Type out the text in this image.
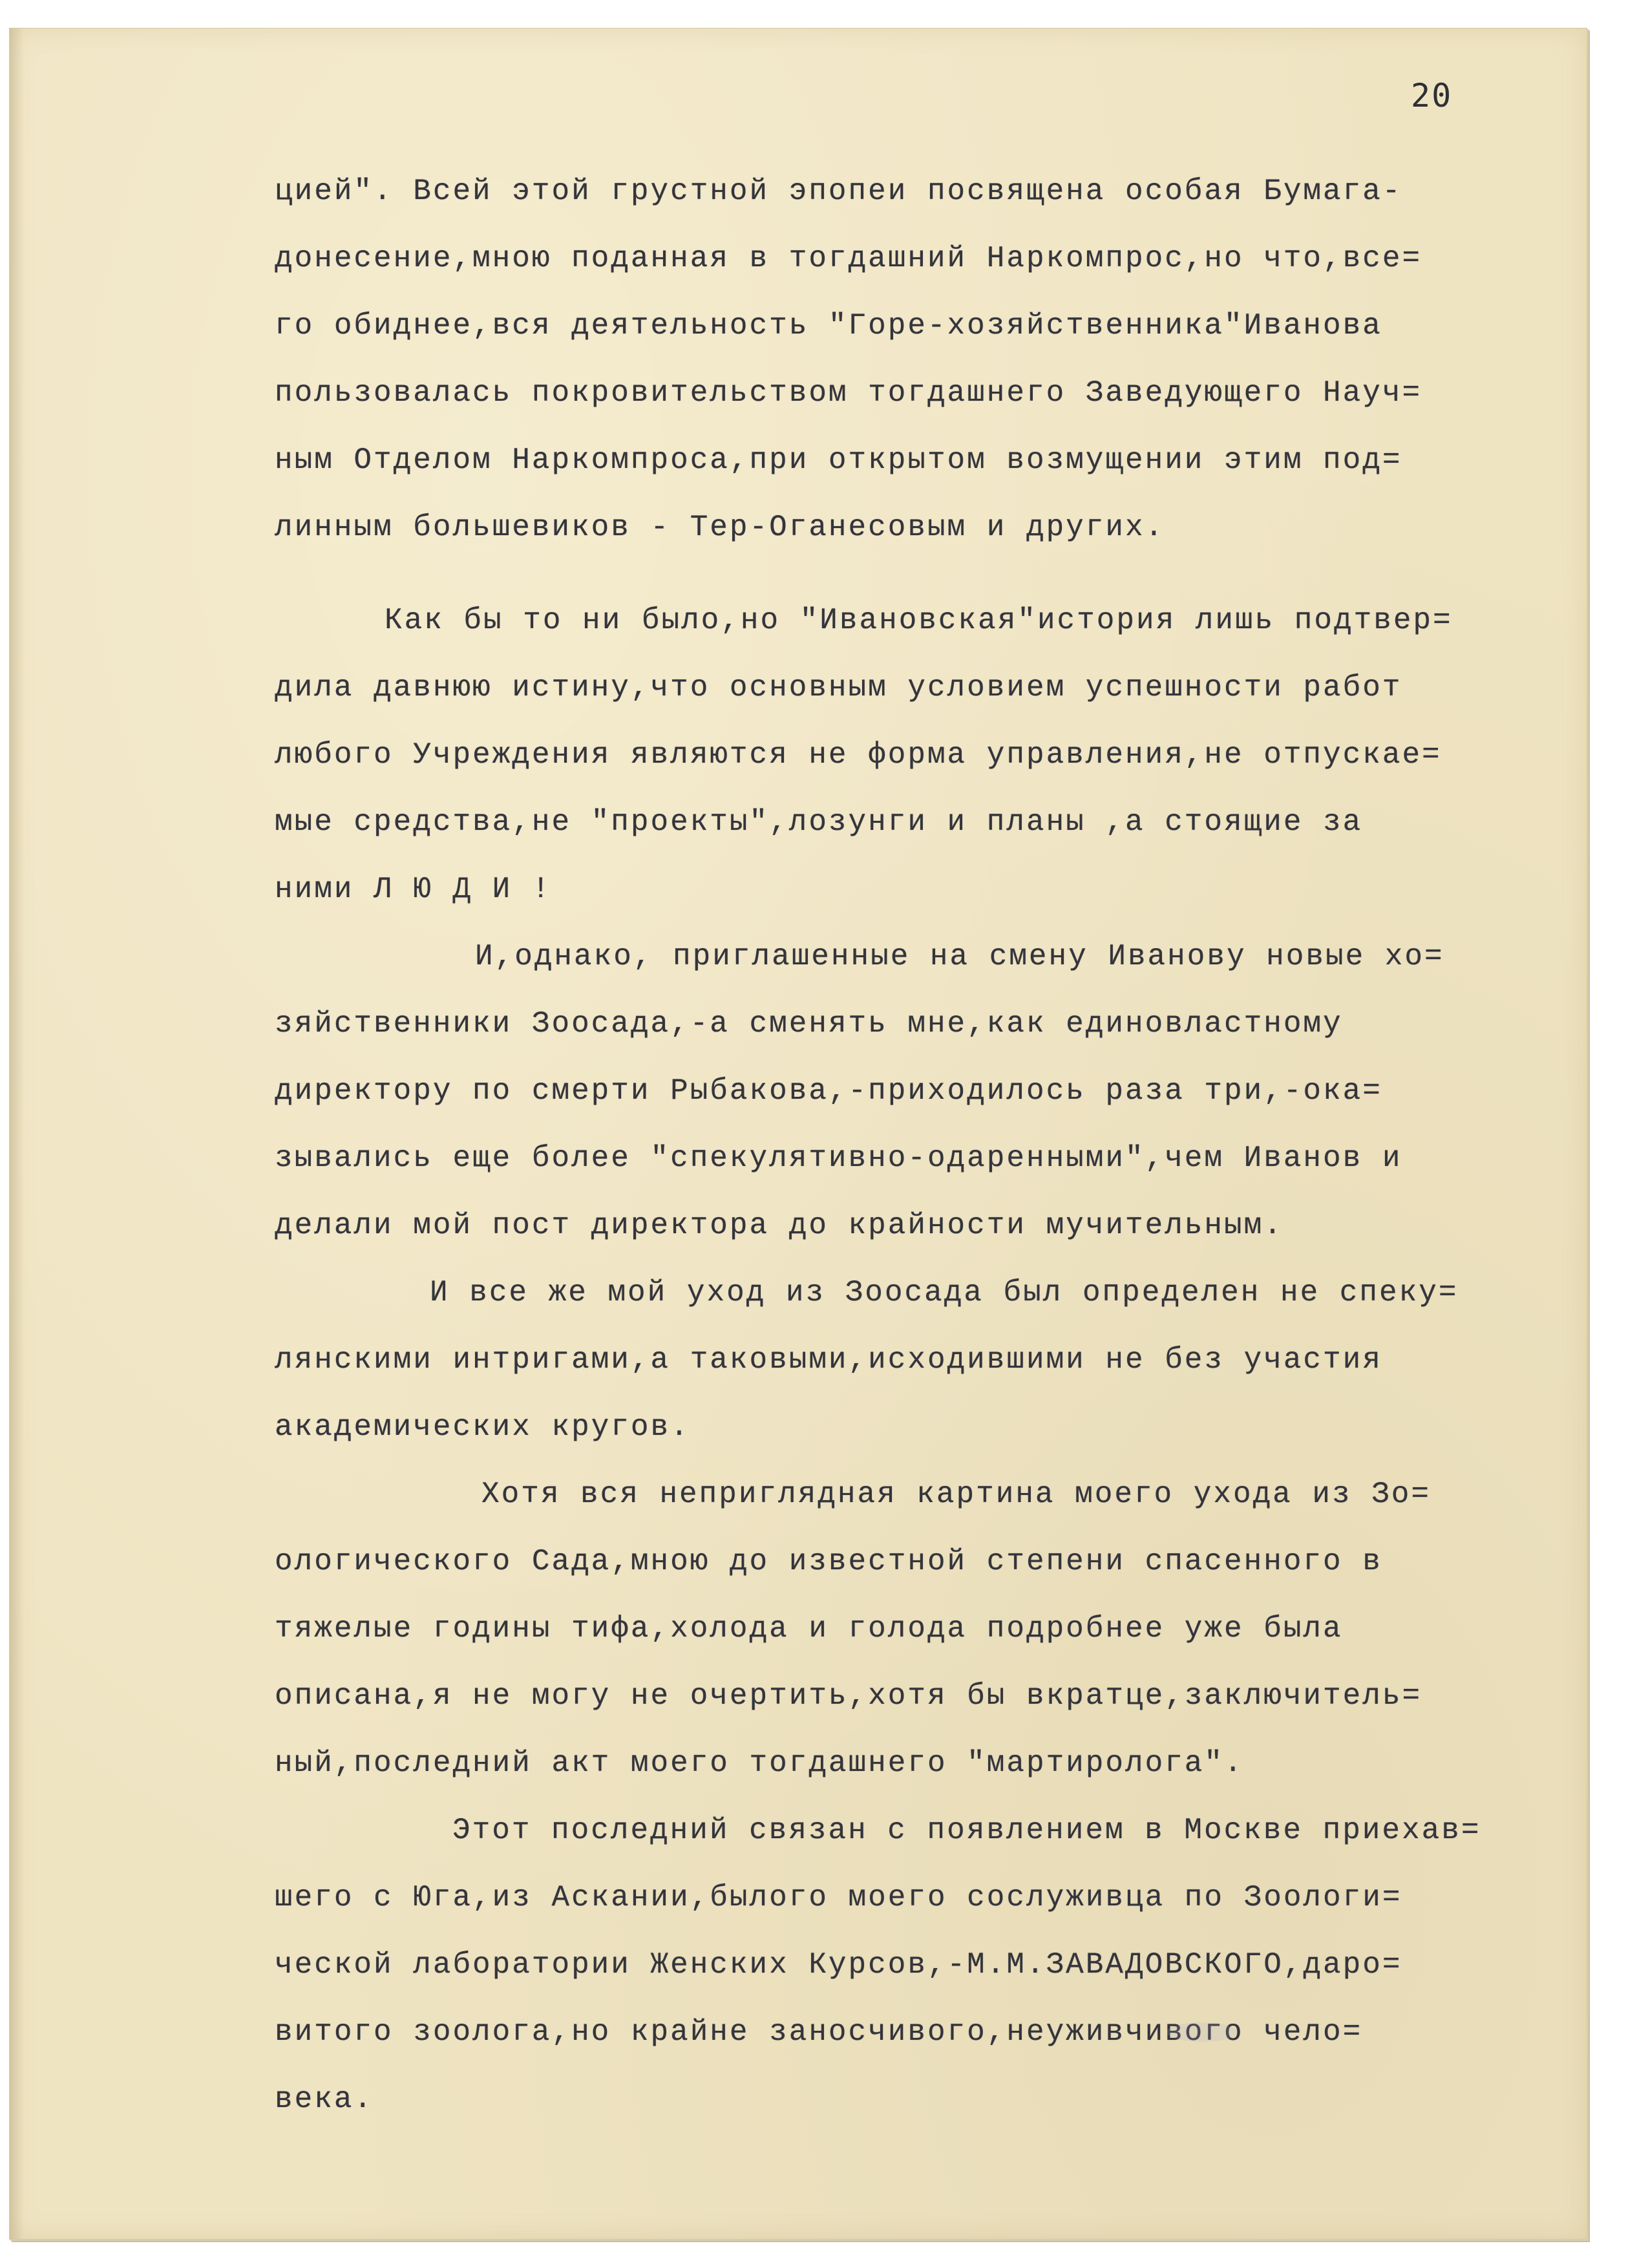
20
цией". Всей этой грустной эпопеи посвящена особая Бумага-
донесение,мною поданная в тогдашний Наркомпрос,но что,все=
го обиднее,вся деятельность "Горе-хозяйственника"Иванова
пользовалась покровительством тогдашнего Заведующего Науч=
ным Отделом Наркомпроса,при открытом возмущении этим под=
линным большевиков - Тер-Оганесовым и других.
Как бы то ни было,но "Ивановская"история лишь подтвер=
дила давнюю истину,что основным условием успешности работ
любого Учреждения являются не форма управления,не отпускае=
мые средства,не "проекты",лозунги и планы ,а стоящие за
ними Л Ю Д И !
И,однако, приглашенные на смену Иванову новые хо=
зяйственники Зоосада,-а сменять мне,как единовластному
директору по смерти Рыбакова,-приходилось раза три,-ока=
зывались еще более "спекулятивно-одаренными",чем Иванов и
делали мой пост директора до крайности мучительным.
И все же мой уход из Зоосада был определен не спеку=
лянскими интригами,а таковыми,исходившими не без участия
академических кругов.
Хотя вся неприглядная картина моего ухода из Зо=
ологического Сада,мною до известной степени спасенного в
тяжелые годины тифа,холода и голода подробнее уже была
описана,я не могу не очертить,хотя бы вкратце,заключитель=
ный,последний акт моего тогдашнего "мартиролога".
Этот последний связан с появлением в Москве приехав=
шего с Юга,из Аскании,былого моего сослуживца по Зоологи=
ческой лаборатории Женских Курсов,-М.М.ЗАВАДОВСКОГО,даро=
витого зоолога,но крайне заносчивого,неуживчивого чело=
века.
